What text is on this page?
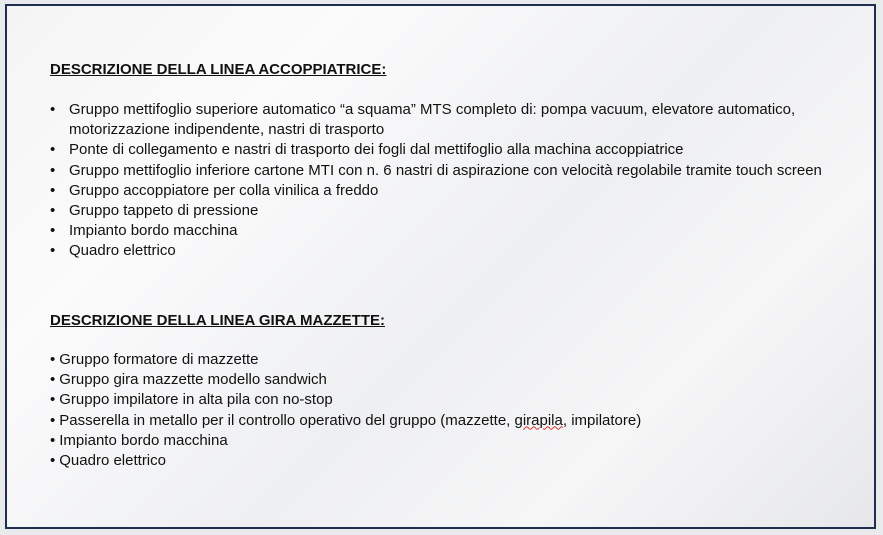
DESCRIZIONE DELLA LINEA ACCOPPIATRICE:
• Gruppo mettifoglio superiore automatico “a squama” MTS completo di: pompa vacuum, elevatore automatico, motorizzazione indipendente, nastri di trasporto
• Ponte di collegamento e nastri di trasporto dei fogli dal mettifoglio alla machina accoppiatrice
• Gruppo mettifoglio inferiore cartone MTI con n. 6 nastri di aspirazione con velocità regolabile tramite touch screen
• Gruppo accoppiatore per colla vinilica a freddo
• Gruppo tappeto di pressione
• Impianto bordo macchina
• Quadro elettrico
DESCRIZIONE DELLA LINEA GIRA MAZZETTE:
• Gruppo formatore di mazzette
• Gruppo gira mazzette modello sandwich
• Gruppo impilatore in alta pila con no-stop
• Passerella in metallo per il controllo operativo del gruppo (mazzette, girapila, impilatore)
• Impianto bordo macchina
• Quadro elettrico
